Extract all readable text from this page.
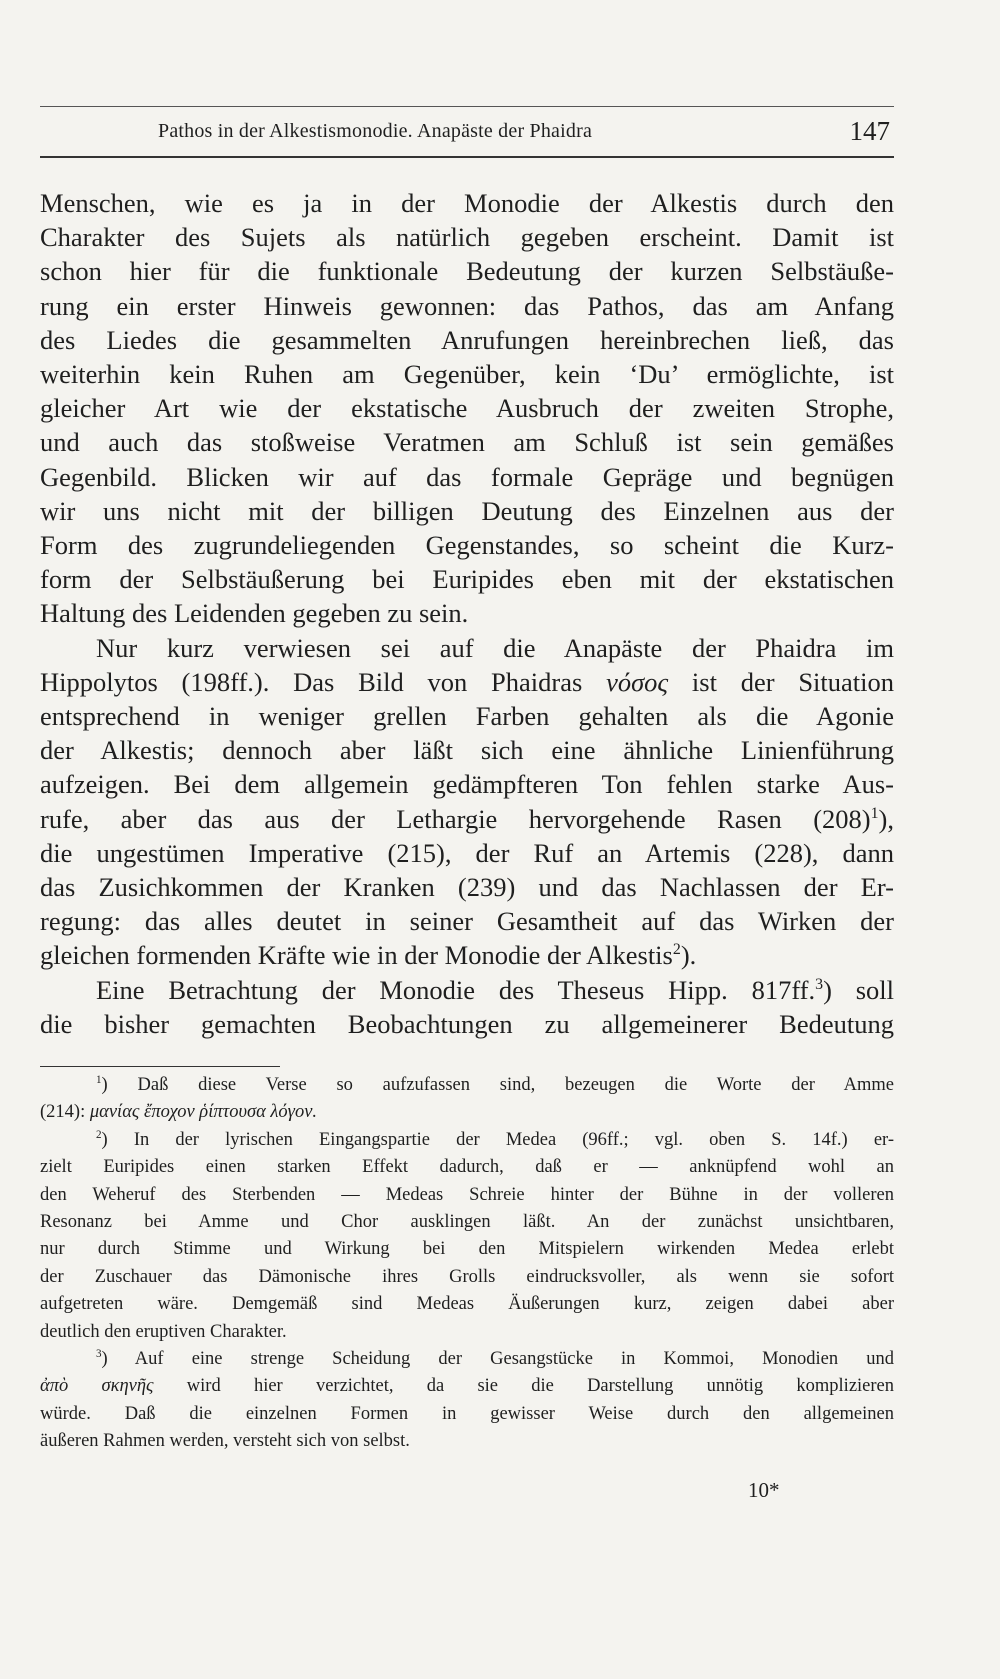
Pathos in der Alkestismonodie. Anapäste der Phaidra	147
Menschen, wie es ja in der Monodie der Alkestis durch den
Charakter des Sujets als natürlich gegeben erscheint. Damit ist
schon hier für die funktionale Bedeutung der kurzen Selbstäuße-
rung ein erster Hinweis gewonnen: das Pathos, das am Anfang
des Liedes die gesammelten Anrufungen hereinbrechen ließ, das
weiterhin kein Ruhen am Gegenüber, kein ‘Du’ ermöglichte, ist
gleicher Art wie der ekstatische Ausbruch der zweiten Strophe,
und auch das stoßweise Veratmen am Schluß ist sein gemäßes
Gegenbild. Blicken wir auf das formale Gepräge und begnügen
wir uns nicht mit der billigen Deutung des Einzelnen aus der
Form des zugrundeliegenden Gegenstandes, so scheint die Kurz-
form der Selbstäußerung bei Euripides eben mit der ekstatischen
Haltung des Leidenden gegeben zu sein.
Nur kurz verwiesen sei auf die Anapäste der Phaidra im
Hippolytos (198ff.). Das Bild von Phaidras νόσος ist der Situation
entsprechend in weniger grellen Farben gehalten als die Agonie
der Alkestis; dennoch aber läßt sich eine ähnliche Linienführung
aufzeigen. Bei dem allgemein gedämpfteren Ton fehlen starke Aus-
rufe, aber das aus der Lethargie hervorgehende Rasen $(208)^1$),
die ungestümen Imperative (215), der Ruf an Artemis (228), dann
das Zusichkommen der Kranken (239) und das Nachlassen der Er-
regung: das alles deutet in seiner Gesamtheit auf das Wirken der
gleichen formenden Kräfte wie in der Monodie der Alkestis$^2$).
Eine Betrachtung der Monodie des Theseus Hipp. 817ff.$^3$) soll
die bisher gemachten Beobachtungen zu allgemeinerer Bedeutung
$^1$) Daß diese Verse so aufzufassen sind, bezeugen die Worte der Amme
(214): μανίας ἔποχον ῥίπτουσα λόγον.
$^2$) In der lyrischen Eingangspartie der Medea (96ff.; vgl. oben S. 14f.) er-
zielt Euripides einen starken Effekt dadurch, daß er — anknüpfend wohl an
den Weheruf des Sterbenden — Medeas Schreie hinter der Bühne in der volleren
Resonanz bei Amme und Chor ausklingen läßt. An der zunächst unsichtbaren,
nur durch Stimme und Wirkung bei den Mitspielern wirkenden Medea erlebt
der Zuschauer das Dämonische ihres Grolls eindrucksvoller, als wenn sie sofort
aufgetreten wäre. Demgemäß sind Medeas Äußerungen kurz, zeigen dabei aber
deutlich den eruptiven Charakter.
$^3$) Auf eine strenge Scheidung der Gesangstücke in Kommoi, Monodien und
ἀπὸ σκηνῆς wird hier verzichtet, da sie die Darstellung unnötig komplizieren
würde. Daß die einzelnen Formen in gewisser Weise durch den allgemeinen
äußeren Rahmen werden, versteht sich von selbst.
10*
